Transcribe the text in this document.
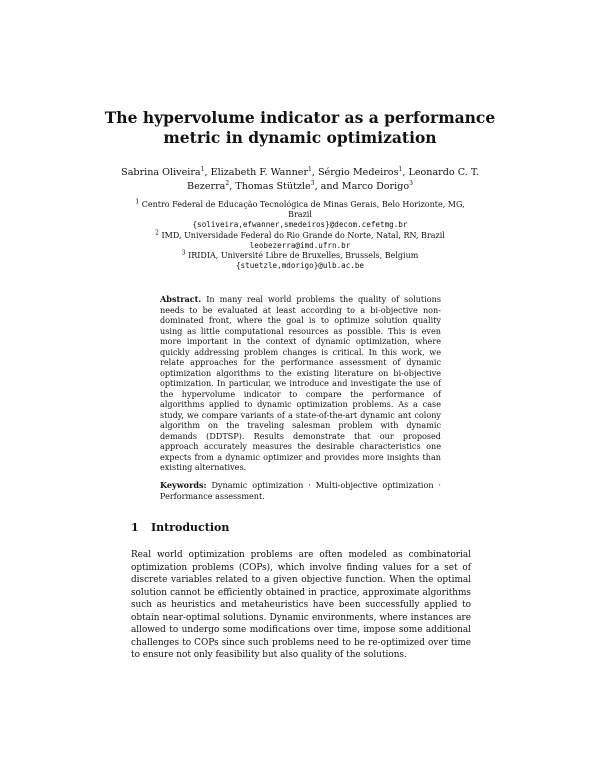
The hypervolume indicator as a performance
metric in dynamic optimization
Sabrina Oliveira$^1$, Elizabeth F. Wanner$^1$, Sérgio Medeiros$^1$, Leonardo C. T.
Bezerra$^2$, Thomas Stützle$^3$, and Marco Dorigo$^3$
$^1$ Centro Federal de Educação Tecnológica de Minas Gerais, Belo Horizonte, MG,
Brazil
{soliveira,efwanner,smedeiros}@decom.cefetmg.br
$^2$ IMD, Universidade Federal do Rio Grande do Norte, Natal, RN, Brazil
leobezerra@imd.ufrn.br
$^3$ IRIDIA, Université Libre de Bruxelles, Brussels, Belgium
{stuetzle,mdorigo}@ulb.ac.be
Abstract. In many real world problems the quality of solutions needs to be evaluated at least according to a bi-objective non-dominated front, where the goal is to optimize solution quality using as little computational resources as possible. This is even more important in the context of dynamic optimization, where quickly addressing problem changes is critical. In this work, we relate approaches for the performance assessment of dynamic optimization algorithms to the existing literature on bi-objective optimization. In particular, we introduce and investigate the use of the hypervolume indicator to compare the performance of algorithms applied to dynamic optimization problems. As a case study, we compare variants of a state-of-the-art dynamic ant colony algorithm on the traveling salesman problem with dynamic demands (DDTSP). Results demonstrate that our proposed approach accurately measures the desirable characteristics one expects from a dynamic optimizer and provides more insights than existing alternatives.
Keywords: Dynamic optimization · Multi-objective optimization · Performance assessment.
1 Introduction
Real world optimization problems are often modeled as combinatorial optimization problems (COPs), which involve finding values for a set of discrete variables related to a given objective function. When the optimal solution cannot be efficiently obtained in practice, approximate algorithms such as heuristics and metaheuristics have been successfully applied to obtain near-optimal solutions. Dynamic environments, where instances are allowed to undergo some modifications over time, impose some additional challenges to COPs since such problems need to be re-optimized over time to ensure not only feasibility but also quality of the solutions.
